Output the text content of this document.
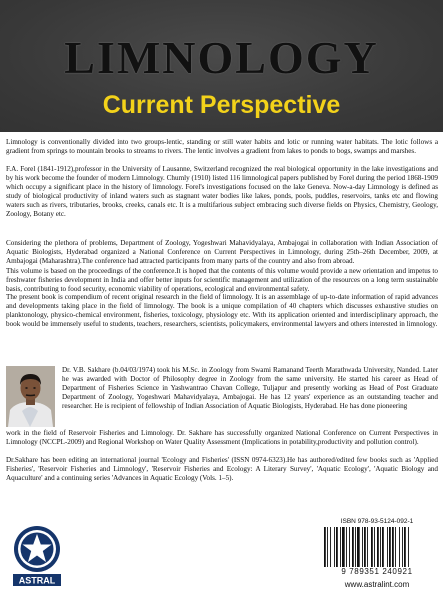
LIMNOLOGY
Current Perspective

Limnology is conventionally divided into two groups-lentic, standing or still water habits and lotic or running water habitats. The lotic follows a gradient from springs to mountain brooks to streams to rivers. The lentic involves a gradient from lakes to ponds to bogs, swamps and marshes.

F.A. Forel (1841-1912),professor in the University of Lausanne, Switzerland recognized the real biological opportunity in the lake investigations and by his work become the founder of modern Limnology. Chumly (1910) listed 116 limnological papers published by Forel during the period 1868-1909 which occupy a significant place in the history of limnology. Forel's investigations focused on the lake Geneva. Now-a-day Limnology is defined as study of biological productivity of inland waters such as stagnant water bodies like lakes, ponds, pools, puddles, reservoirs, tanks etc and flowing waters such as rivers, tributaries, brooks, creeks, canals etc. It is a multifarious subject embracing such diverse fields on Physics, Chemistry, Geology, Zoology, Botany etc.

Considering the plethora of problems, Department of Zoology, Yogeshwari Mahavidyalaya, Ambajogai in collaboration with Indian Association of Aquatic Biologists, Hyderabad organized a National Conference on Current Perspectives in Limnology, during 25th–26th December, 2009, at Ambajogai (Maharashtra).The conference had attracted participants from many parts of the country and also from abroad.

This volume is based on the proceedings of the conference.It is hoped that the contents of this volume would provide a new orientation and impetus to freshwater fisheries development in India and offer better inputs for scientific management and utilization of the resources on a long term sustainable basis, contributing to food security, economic viability of operations, ecological and environmental safety.

The present book is compendium of recent original research in the field of limnology. It is an assemblage of up-to-date information of rapid advances and developments taking place in the field of limnology. The book is a unique compilation of 40 chapters which discusses exhaustive studies on planktonology, physico-chemical environment, fisheries, toxicology, physiology etc. With its application oriented and interdisciplinary approach, the book would be immensely useful to students, teachers, researchers, scientists, policymakers, environmental lawyers and others interested in limnology.

Dr. V.B. Sakhare (b.04/03/1974) took his M.Sc. in Zoology from Swami Ramanand Teerth Marathwada University, Nanded. Later he was awarded with Doctor of Philosophy degree in Zoology from the same university. He started his career as Head of Department of Fisheries Science in Yashwantrao Chavan College, Tuljapur and presently working as Head of Post Graduate Department of Zoology, Yogeshwari Mahavidyalaya, Ambajogai. He has 12 years' experience as an outstanding teacher and researcher. He is recipient of fellowship of Indian Association of Aquatic Biologists, Hyderabad. He has done pioneering

work in the field of Reservoir Fisheries and Limnology. Dr. Sakhare has successfully organized National Conference on Current Perspectives in Limnology (NCCPL-2009) and Regional Workshop on Water Quality Assessment (Implications in potability,productivity and pollution control).

Dr.Sakhare has been editing an international journal 'Ecology and Fisheries' (ISSN 0974-6323).He has authored/edited few books such as 'Applied Fisheries', 'Reservoir Fisheries and Limnology', 'Reservoir Fisheries and Ecology: A Literary Survey', 'Aquatic Ecology', 'Aquatic Biology and Aquaculture' and a continuing series 'Advances in Aquatic Ecology (Vols. 1–5).

ASTRAL
ISBN 978-93-5124-092-1
9 789351 240921
www.astralint.com
